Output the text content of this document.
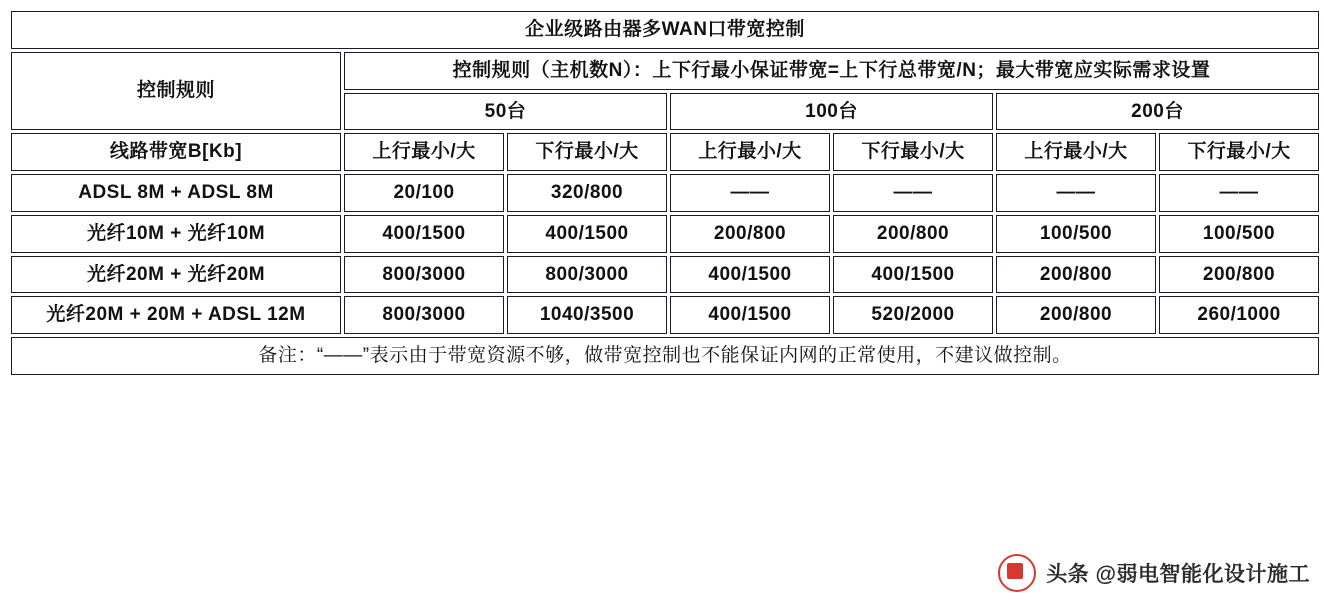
企业级路由器多WAN口带宽控制						
控制规则	控制规则（主机数N）：上下行最小保证带宽=上下行总带宽/N；最大带宽应实际需求设置					
	50台		100台		200台	
线路带宽B[Kb]	上行最小/大	下行最小/大	上行最小/大	下行最小/大	上行最小/大	下行最小/大
ADSL 8M + ADSL 8M	20/100	320/800	——	——	——	——
光纤10M + 光纤10M	400/1500	400/1500	200/800	200/800	100/500	100/500
光纤20M + 光纤20M	800/3000	800/3000	400/1500	400/1500	200/800	200/800
光纤20M + 20M + ADSL 12M	800/3000	1040/3500	400/1500	520/2000	200/800	260/1000
备注：“——”表示由于带宽资源不够，做带宽控制也不能保证内网的正常使用，不建议做控制。						
头条 @弱电智能化设计施工
